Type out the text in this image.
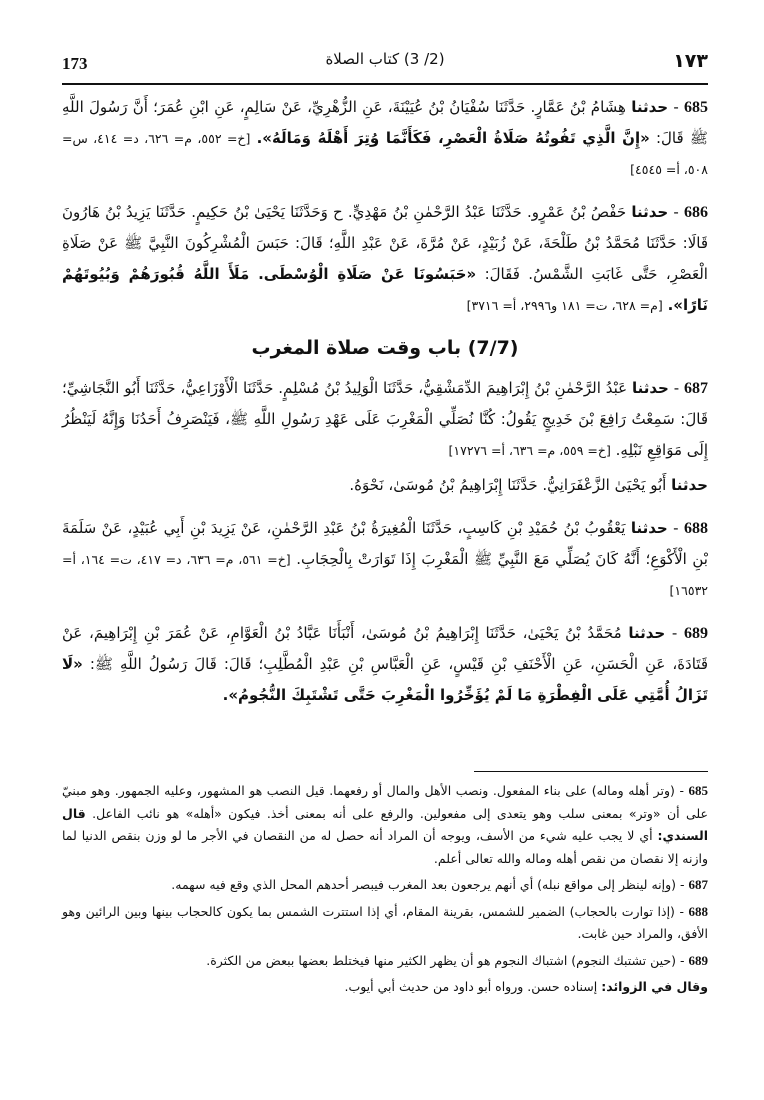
173	(2/ 3) كتاب الصلاة	١٧٣

685 - حدثنا هِشَامُ بْنُ عَمَّارٍ. حَدَّثَنَا سُفْيَانُ بْنُ عُيَيْنَةَ، عَنِ الزُّهْرِيِّ، عَنْ سَالِمٍ، عَنِ ابْنِ عُمَرَ؛ أَنَّ رَسُولَ اللَّهِ ﷺ قَالَ: «إِنَّ الَّذِي تَفُوتُهُ صَلَاةُ الْعَصْرِ، فَكَأَنَّمَا وُتِرَ أَهْلَهُ وَمَالَهُ». [خ= ٥٥٢، م= ٦٢٦، د= ٤١٤، س= ٥٠٨، أ= ٤٥٤٥]

686 - حدثنا حَفْصُ بْنُ عَمْرٍو. حَدَّثَنَا عَبْدُ الرَّحْمٰنِ بْنُ مَهْدِيٍّ. ح وَحَدَّثَنَا يَحْيَىٰ بْنُ حَكِيمٍ. حَدَّثَنَا يَزِيدُ بْنُ هَارُونَ قَالَا: حَدَّثَنَا مُحَمَّدُ بْنُ طَلْحَةَ، عَنْ زُبَيْدٍ، عَنْ مُرَّةَ، عَنْ عَبْدِ اللَّهِ؛ قَالَ: حَبَسَ الْمُشْرِكُونَ النَّبِيَّ ﷺ عَنْ صَلَاةِ الْعَصْرِ، حَتَّى غَابَتِ الشَّمْسُ. فَقَالَ: «حَبَسُونَا عَنْ صَلَاةِ الْوُسْطَى. مَلَأَ اللَّهُ قُبُورَهُمْ وَبُيُوتَهُمْ نَارًا». [م= ٦٢٨، ت= ١٨١ و٢٩٩٦، أ= ٣٧١٦]

(7/7) باب وقت صلاة المغرب

687 - حدثنا عَبْدُ الرَّحْمٰنِ بْنُ إِبْرَاهِيمَ الدِّمَشْقِيُّ، حَدَّثَنَا الْوَلِيدُ بْنُ مُسْلِمٍ. حَدَّثَنَا الْأَوْزَاعِيُّ، حَدَّثَنَا أَبُو النَّجَاشِيِّ؛ قَالَ: سَمِعْتُ رَافِعَ بْنَ خَدِيجٍ يَقُولُ: كُنَّا نُصَلِّي الْمَغْرِبَ عَلَى عَهْدِ رَسُولِ اللَّهِ ﷺ، فَيَنْصَرِفُ أَحَدُنَا وَإِنَّهُ لَيَنْظُرُ إِلَى مَوَاقِعِ نَبْلِهِ. [خ= ٥٥٩، م= ٦٣٦، أ= ١٧٢٧٦]

حدثنا أَبُو يَحْيَىٰ الزَّعْفَرَانِيُّ. حَدَّثَنَا إِبْرَاهِيمُ بْنُ مُوسَىٰ، نَحْوَهُ.

688 - حدثنا يَعْقُوبُ بْنُ حُمَيْدِ بْنِ كَاسِبٍ، حَدَّثَنَا الْمُغِيرَةُ بْنُ عَبْدِ الرَّحْمٰنِ، عَنْ يَزِيدَ بْنِ أَبِي عُبَيْدٍ، عَنْ سَلَمَةَ بْنِ الْأَكْوَعِ؛ أَنَّهُ كَانَ يُصَلِّي مَعَ النَّبِيِّ ﷺ الْمَغْرِبَ إِذَا تَوَارَتْ بِالْحِجَابِ. [خ= ٥٦١، م= ٦٣٦، د= ٤١٧، ت= ١٦٤، أ= ١٦٥٣٢]

689 - حدثنا مُحَمَّدُ بْنُ يَحْيَىٰ، حَدَّثَنَا إِبْرَاهِيمُ بْنُ مُوسَىٰ، أَنْبَأَنَا عَبَّادُ بْنُ الْعَوَّامِ، عَنْ عُمَرَ بْنِ إِبْرَاهِيمَ، عَنْ قَتَادَةَ، عَنِ الْحَسَنِ، عَنِ الْأَحْنَفِ بْنِ قَيْسٍ، عَنِ الْعَبَّاسِ بْنِ عَبْدِ الْمُطَّلِبِ؛ قَالَ: قَالَ رَسُولُ اللَّهِ ﷺ: «لَا تَزَالُ أُمَّتِي عَلَى الْفِطْرَةِ مَا لَمْ يُؤَخِّرُوا الْمَغْرِبَ حَتَّى تَشْتَبِكَ النُّجُومُ».

685 - (وتر أهله وماله) على بناء المفعول. ونصب الأهل والمال أو رفعهما. قيل النصب هو المشهور، وعليه الجمهور. وهو مبنيّ على أن «وتر» بمعنى سلب وهو يتعدى إلى مفعولين. والرفع على أنه بمعنى أخذ. فيكون «أهله» هو نائب الفاعل. قال السندي: أي لا يجب عليه شيء من الأسف، ويوجه أن المراد أنه حصل له من النقصان في الأجر ما لو وزن بنقص الدنيا لما وازنه إلا نقصان من نقص أهله وماله والله تعالى أعلم.

687 - (وإنه لينظر إلى مواقع نبله) أي أنهم يرجعون بعد المغرب فيبصر أحدهم المحل الذي وقع فيه سهمه.

688 - (إذا توارت بالحجاب) الضمير للشمس، بقرينة المقام، أي إذا استترت الشمس بما يكون كالحجاب بينها وبين الرائين وهو الأفق، والمراد حين غابت.

689 - (حين تشتبك النجوم) اشتباك النجوم هو أن يظهر الكثير منها فيختلط بعضها ببعض من الكثرة.

وقال في الزوائد: إسناده حسن. ورواه أبو داود من حديث أبي أيوب.
